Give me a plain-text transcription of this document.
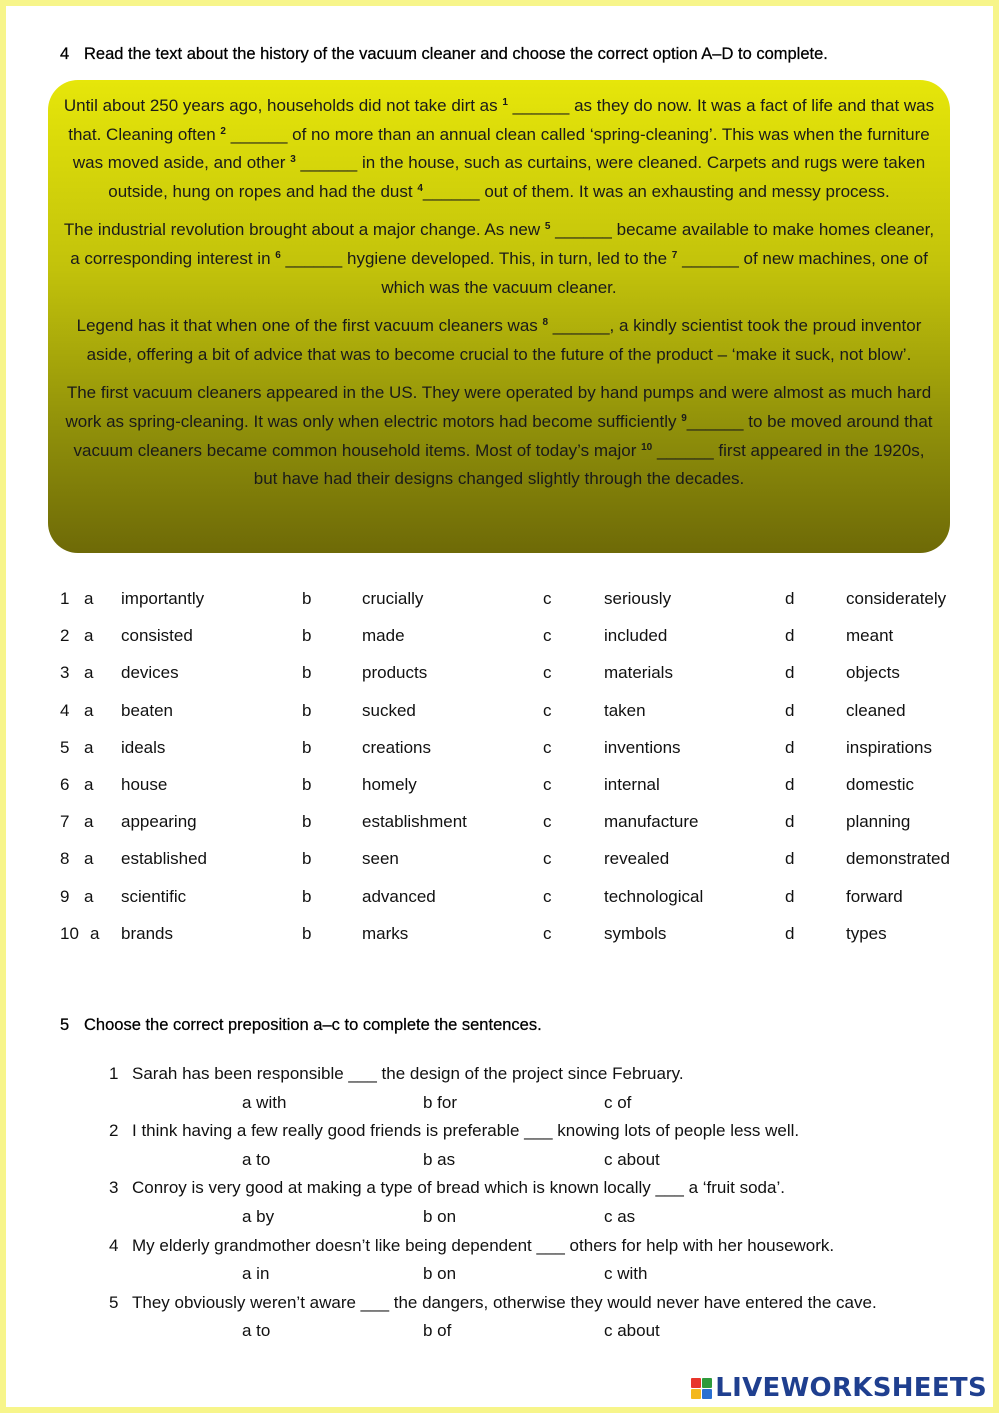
4 Read the text about the history of the vacuum cleaner and choose the correct option A–D to complete.

Until about 250 years ago, households did not take dirt as $^1$ ______ as they do now. It was a fact of life and that was that. Cleaning often $^2$ ______ of no more than an annual clean called ‘spring-cleaning’. This was when the furniture was moved aside, and other $^3$ ______ in the house, such as curtains, were cleaned. Carpets and rugs were taken outside, hung on ropes and had the dust $^4$______ out of them. It was an exhausting and messy process.

The industrial revolution brought about a major change. As new $^5$ ______ became available to make homes cleaner, a corresponding interest in $^6$ ______ hygiene developed. This, in turn, led to the $^7$ ______ of new machines, one of which was the vacuum cleaner.

Legend has it that when one of the first vacuum cleaners was $^8$ ______, a kindly scientist took the proud inventor aside, offering a bit of advice that was to become crucial to the future of the product – ‘make it suck, not blow’.

The first vacuum cleaners appeared in the US. They were operated by hand pumps and were almost as much hard work as spring-cleaning. It was only when electric motors had become sufficiently $^9$______ to be moved around that vacuum cleaners became common household items. Most of today’s major $^{10}$ ______ first appeared in the 1920s, but have had their designs changed slightly through the decades.

1 a importantly	b	crucially	c	seriously	d	considerately
2 a consisted	b	made	c	included	d	meant
3 a devices	b	products	c	materials	d	objects
4 a beaten	b	sucked	c	taken	d	cleaned
5 a ideals	b	creations	c	inventions	d	inspirations
6 a house	b	homely	c	internal	d	domestic
7 a appearing	b	establishment	c	manufacture	d	planning
8 a established	b	seen	c	revealed	d	demonstrated
9 a scientific	b	advanced	c	technological	d	forward
10 a brands	b	marks	c	symbols	d	types
5 Choose the correct preposition a–c to complete the sentences.
1 Sarah has been responsible ___ the design of the project since February.
a with	b for	c of
2 I think having a few really good friends is preferable ___ knowing lots of people less well.
a to	b as	c about
3 Conroy is very good at making a type of bread which is known locally ___ a ‘fruit soda’.
a by	b on	c as
4 My elderly grandmother doesn’t like being dependent ___ others for help with her housework.
a in	b on	c with
5 They obviously weren’t aware ___ the dangers, otherwise they would never have entered the cave.
a to	b of	c about
LIVEWORKSHEETS
